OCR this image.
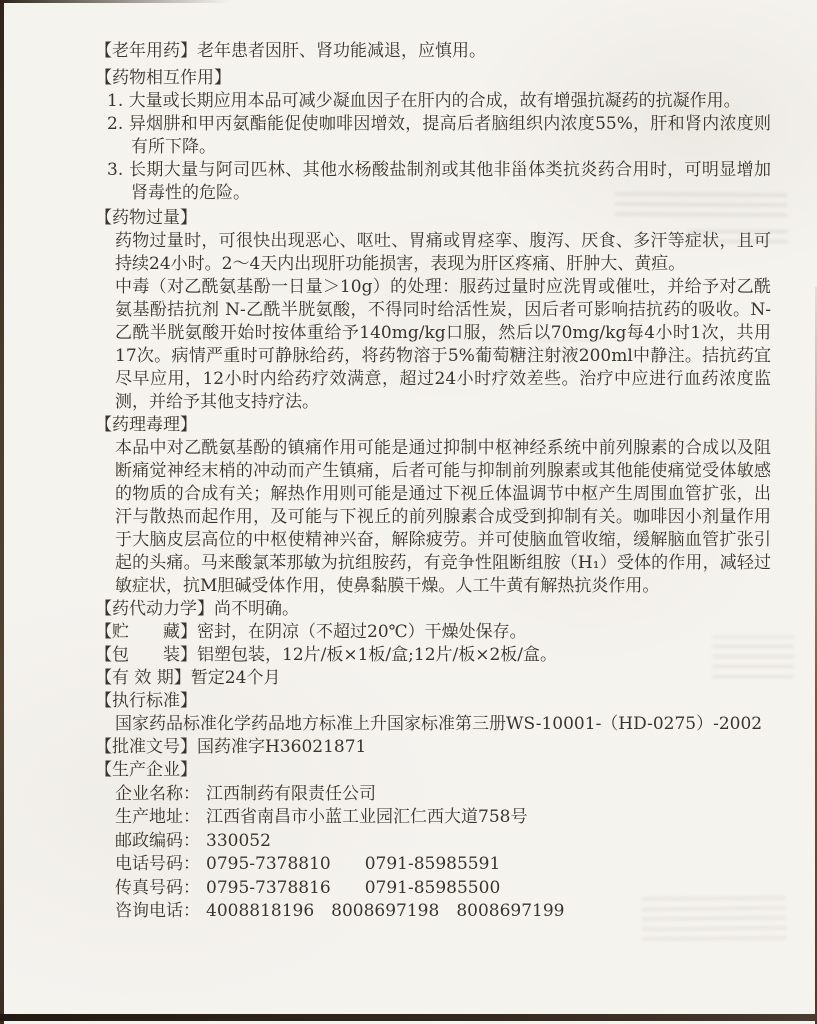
【老年用药】老年患者因肝、肾功能减退，应慎用。
【药物相互作用】
1. 大量或长期应用本品可减少凝血因子在肝内的合成，故有增强抗凝药的抗凝作用。
2. 异烟肼和甲丙氨酯能促使咖啡因增效，提高后者脑组织内浓度55%，肝和肾内浓度则有所下降。
3. 长期大量与阿司匹林、其他水杨酸盐制剂或其他非甾体类抗炎药合用时，可明显增加肾毒性的危险。
【药物过量】
药物过量时，可很快出现恶心、呕吐、胃痛或胃痉挛、腹泻、厌食、多汗等症状，且可持续24小时。2～4天内出现肝功能损害，表现为肝区疼痛、肝肿大、黄疸。
中毒（对乙酰氨基酚一日量＞10g）的处理：服药过量时应洗胃或催吐，并给予对乙酰氨基酚拮抗剂 N-乙酰半胱氨酸，不得同时给活性炭，因后者可影响拮抗药的吸收。N-乙酰半胱氨酸开始时按体重给予140mg/kg口服，然后以70mg/kg每4小时1次，共用17次。病情严重时可静脉给药，将药物溶于5%葡萄糖注射液200ml中静注。拮抗药宜尽早应用，12小时内给药疗效满意，超过24小时疗效差些。治疗中应进行血药浓度监测，并给予其他支持疗法。
【药理毒理】
本品中对乙酰氨基酚的镇痛作用可能是通过抑制中枢神经系统中前列腺素的合成以及阻断痛觉神经末梢的冲动而产生镇痛，后者可能与抑制前列腺素或其他能使痛觉受体敏感的物质的合成有关；解热作用则可能是通过下视丘体温调节中枢产生周围血管扩张，出汗与散热而起作用，及可能与下视丘的前列腺素合成受到抑制有关。咖啡因小剂量作用于大脑皮层高位的中枢使精神兴奋，解除疲劳。并可使脑血管收缩，缓解脑血管扩张引起的头痛。马来酸氯苯那敏为抗组胺药，有竞争性阻断组胺（H₁）受体的作用，减轻过敏症状，抗M胆碱受体作用，使鼻黏膜干燥。人工牛黄有解热抗炎作用。
【药代动力学】尚不明确。
【贮　　藏】密封，在阴凉（不超过20℃）干燥处保存。
【包　　装】铝塑包装，12片/板×1板/盒;12片/板×2板/盒。
【有 效 期】暂定24个月
【执行标准】
国家药品标准化学药品地方标准上升国家标准第三册WS-10001-（HD-0275）-2002
【批准文号】国药准字H36021871
【生产企业】
企业名称： 江西制药有限责任公司
生产地址： 江西省南昌市小蓝工业园汇仁西大道758号
邮政编码： 330052
电话号码： 0795-7378810　　0791-85985591
传真号码： 0795-7378816　　0791-85985500
咨询电话： 4008818196　8008697198　8008697199
